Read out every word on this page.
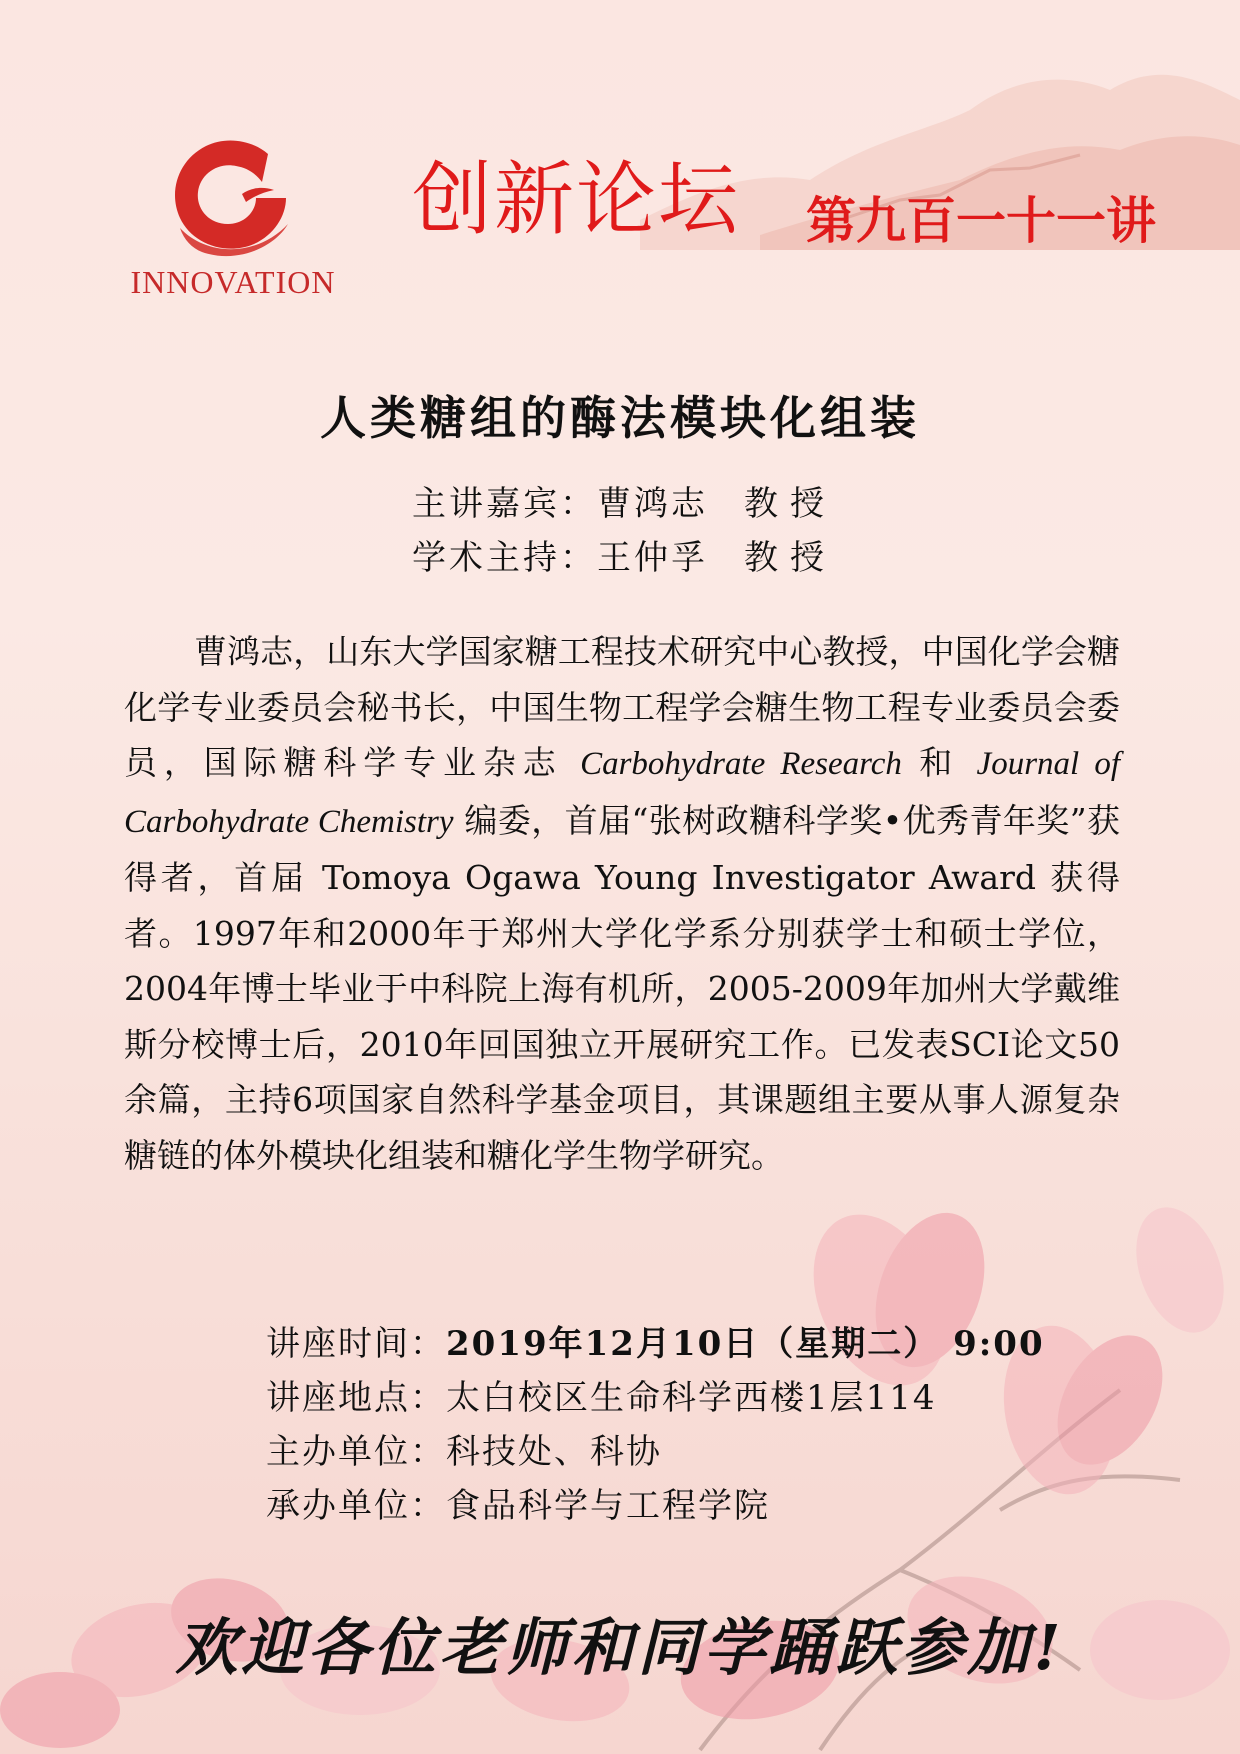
INNOVATION
创新论坛 第九百一十一讲
人类糖组的酶法模块化组装
主讲嘉宾：曹鸿志 教授
学术主持：王仲孚 教授

曹鸿志，山东大学国家糖工程技术研究中心教授，中国化学会糖化学专业委员会秘书长，中国生物工程学会糖生物工程专业委员会委员，国际糖科学专业杂志 Carbohydrate Research 和 Journal of Carbohydrate Chemistry 编委，首届“张树政糖科学奖•优秀青年奖”获得者，首届 Tomoya Ogawa Young Investigator Award 获得者。1997年和2000年于郑州大学化学系分别获学士和硕士学位，2004年博士毕业于中科院上海有机所，2005-2009年加州大学戴维斯分校博士后，2010年回国独立开展研究工作。已发表SCI论文50余篇，主持6项国家自然科学基金项目，其课题组主要从事人源复杂糖链的体外模块化组装和糖化学生物学研究。

讲座时间：2019年12月10日（星期二） 9:00
讲座地点：太白校区生命科学西楼1层114
主办单位：科技处、科协
承办单位：食品科学与工程学院
欢迎各位老师和同学踊跃参加!
